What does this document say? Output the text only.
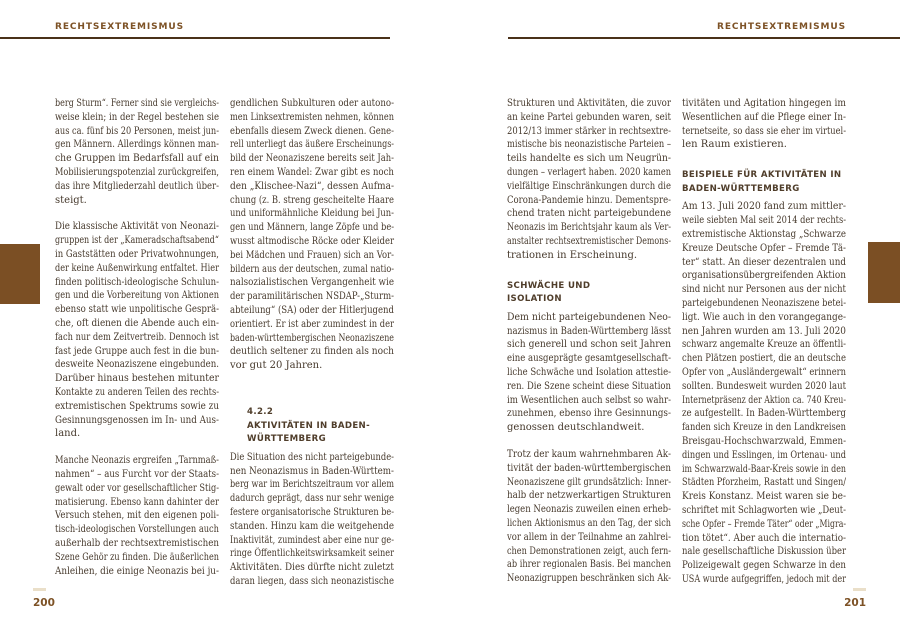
RECHTSEXTREMISMUS	RECHTSEXTREMISMUS
berg Sturm“. Ferner sind sie vergleichs-
weise klein; in der Regel bestehen sie
aus ca. fünf bis 20 Personen, meist jun-
gen Männern. Allerdings können man-
che Gruppen im Bedarfsfall auf ein
Mobilisierungspotenzial zurückgreifen,
das ihre Mitgliederzahl deutlich über-
steigt.
Die klassische Aktivität von Neonazi-
gruppen ist der „Kameradschaftsabend“
in Gaststätten oder Privatwohnungen,
der keine Außenwirkung entfaltet. Hier
finden politisch-ideologische Schulun-
gen und die Vorbereitung von Aktionen
ebenso statt wie unpolitische Gesprä-
che, oft dienen die Abende auch ein-
fach nur dem Zeitvertreib. Dennoch ist
fast jede Gruppe auch fest in die bun-
desweite Neonaziszene eingebunden.
Darüber hinaus bestehen mitunter
Kontakte zu anderen Teilen des rechts-
extremistischen Spektrums sowie zu
Gesinnungsgenossen im In- und Aus-
land.
Manche Neonazis ergreifen „Tarnmaß-
nahmen“ – aus Furcht vor der Staats-
gewalt oder vor gesellschaftlicher Stig-
matisierung. Ebenso kann dahinter der
Versuch stehen, mit den eigenen poli-
tisch-ideologischen Vorstellungen auch
außerhalb der rechtsextremistischen
Szene Gehör zu finden. Die äußerlichen
Anleihen, die einige Neonazis bei ju-
gendlichen Subkulturen oder autono-
men Linksextremisten nehmen, können
ebenfalls diesem Zweck dienen. Gene-
rell unterliegt das äußere Erscheinungs-
bild der Neonaziszene bereits seit Jah-
ren einem Wandel: Zwar gibt es noch
den „Klischee-Nazi“, dessen Aufma-
chung (z. B. streng gescheitelte Haare
und uniformähnliche Kleidung bei Jun-
gen und Männern, lange Zöpfe und be-
wusst altmodische Röcke oder Kleider
bei Mädchen und Frauen) sich an Vor-
bildern aus der deutschen, zumal natio-
nalsozialistischen Vergangenheit wie
der paramilitärischen NSDAP-„Sturm-
abteilung“ (SA) oder der Hitlerjugend
orientiert. Er ist aber zumindest in der
baden-württembergischen Neonaziszene
deutlich seltener zu finden als noch
vor gut 20 Jahren.
4.2.2
AKTIVITÄTEN IN BADEN-
WÜRTTEMBERG
Die Situation des nicht parteigebunde-
nen Neonazismus in Baden-Württem-
berg war im Berichtszeitraum vor allem
dadurch geprägt, dass nur sehr wenige
festere organisatorische Strukturen be-
standen. Hinzu kam die weitgehende
Inaktivität, zumindest aber eine nur ge-
ringe Öffentlichkeitswirksamkeit seiner
Aktivitäten. Dies dürfte nicht zuletzt
daran liegen, dass sich neonazistische
Strukturen und Aktivitäten, die zuvor
an keine Partei gebunden waren, seit
2012/13 immer stärker in rechtsextre-
mistische bis neonazistische Parteien –
teils handelte es sich um Neugrün-
dungen – verlagert haben. 2020 kamen
vielfältige Einschränkungen durch die
Corona-Pandemie hinzu. Dementspre-
chend traten nicht parteigebundene
Neonazis im Berichtsjahr kaum als Ver-
anstalter rechtsextremistischer Demons-
trationen in Erscheinung.
SCHWÄCHE UND
ISOLATION
Dem nicht parteigebundenen Neo-
nazismus in Baden-Württemberg lässt
sich generell und schon seit Jahren
eine ausgeprägte gesamtgesellschaft-
liche Schwäche und Isolation attestie-
ren. Die Szene scheint diese Situation
im Wesentlichen auch selbst so wahr-
zunehmen, ebenso ihre Gesinnungs-
genossen deutschlandweit.
Trotz der kaum wahrnehmbaren Ak-
tivität der baden-württembergischen
Neonaziszene gilt grundsätzlich: Inner-
halb der netzwerkartigen Strukturen
legen Neonazis zuweilen einen erheb-
lichen Aktionismus an den Tag, der sich
vor allem in der Teilnahme an zahlrei-
chen Demonstrationen zeigt, auch fern-
ab ihrer regionalen Basis. Bei manchen
Neonazigruppen beschränken sich Ak-
tivitäten und Agitation hingegen im
Wesentlichen auf die Pflege einer In-
ternetseite, so dass sie eher im virtuel-
len Raum existieren.
BEISPIELE FÜR AKTIVITÄTEN IN
BADEN-WÜRTTEMBERG
Am 13. Juli 2020 fand zum mittler-
weile siebten Mal seit 2014 der rechts-
extremistische Aktionstag „Schwarze
Kreuze Deutsche Opfer – Fremde Tä-
ter“ statt. An dieser dezentralen und
organisationsübergreifenden Aktion
sind nicht nur Personen aus der nicht
parteigebundenen Neonaziszene betei-
ligt. Wie auch in den vorangegange-
nen Jahren wurden am 13. Juli 2020
schwarz angemalte Kreuze an öffentli-
chen Plätzen postiert, die an deutsche
Opfer von „Ausländergewalt“ erinnern
sollten. Bundesweit wurden 2020 laut
Internetpräsenz der Aktion ca. 740 Kreu-
ze aufgestellt. In Baden-Württemberg
fanden sich Kreuze in den Landkreisen
Breisgau-Hochschwarzwald, Emmen-
dingen und Esslingen, im Ortenau- und
im Schwarzwald-Baar-Kreis sowie in den
Städten Pforzheim, Rastatt und Singen/
Kreis Konstanz. Meist waren sie be-
schriftet mit Schlagworten wie „Deut-
sche Opfer – Fremde Täter“ oder „Migra-
tion tötet“. Aber auch die internatio-
nale gesellschaftliche Diskussion über
Polizeigewalt gegen Schwarze in den
USA wurde aufgegriffen, jedoch mit der
200	201
